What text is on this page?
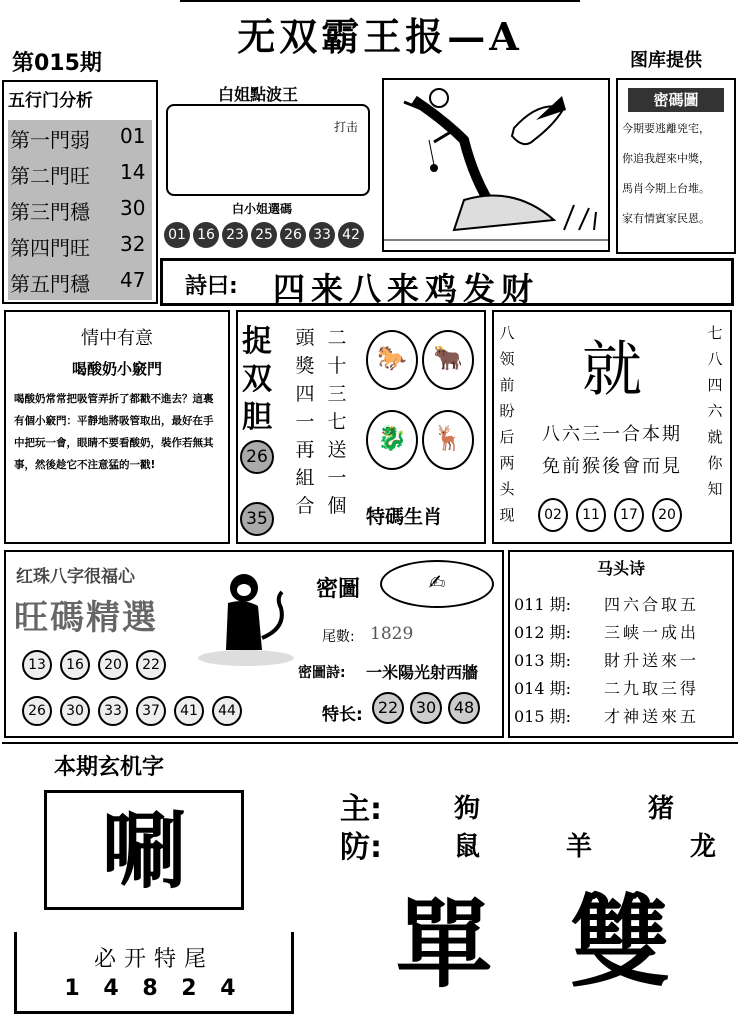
无双霸王报—A
第015期	图库提供
五行门分析
第一門弱 01
第二門旺 14
第三門穩 30
第四門旺 32
第五門穩 47
白姐點波王
打击
白小姐選碼
01 16 23 25 26 33 42
密碼圖
今期要逃離兇宅，
你追我趕來中獎，
馬肖今期上台堆。
家有情賓家民恩。
詩曰: 四来八来鸡发财
情中有意
喝酸奶小竅門
喝酸奶常常把吸管弄折了都戳不進去？這裏有個小竅門：平靜地將吸管取出，最好在手中把玩一會，眼睛不要看酸奶，裝作若無其事，然後趁它不注意猛的一戳!
捉
双
胆
26
35
頭獎四一再組合
二十三七送一個
🐎	🐂
🐉	🦌
特碼生肖
八领前盼后两头现
七八四六就你知
就
八六三一合本期
免前猴後會而見
02	11	17	20
红珠八字很福心
旺碼精選
13	16	20	22
26	30	33	37	41	44
密圖	✍
尾數: 1829
密圖詩: 一米陽光射西牆
特长: 22	30	48
马头诗
011 期: 四六合取五
012 期: 三峡一成出
013 期: 財升送來一
014 期: 二九取三得
015 期: 才神送來五
本期玄机字
唰
必开特尾
1 4 8 2 4
主:	狗	猪
防:	鼠	羊	龙
單 雙
